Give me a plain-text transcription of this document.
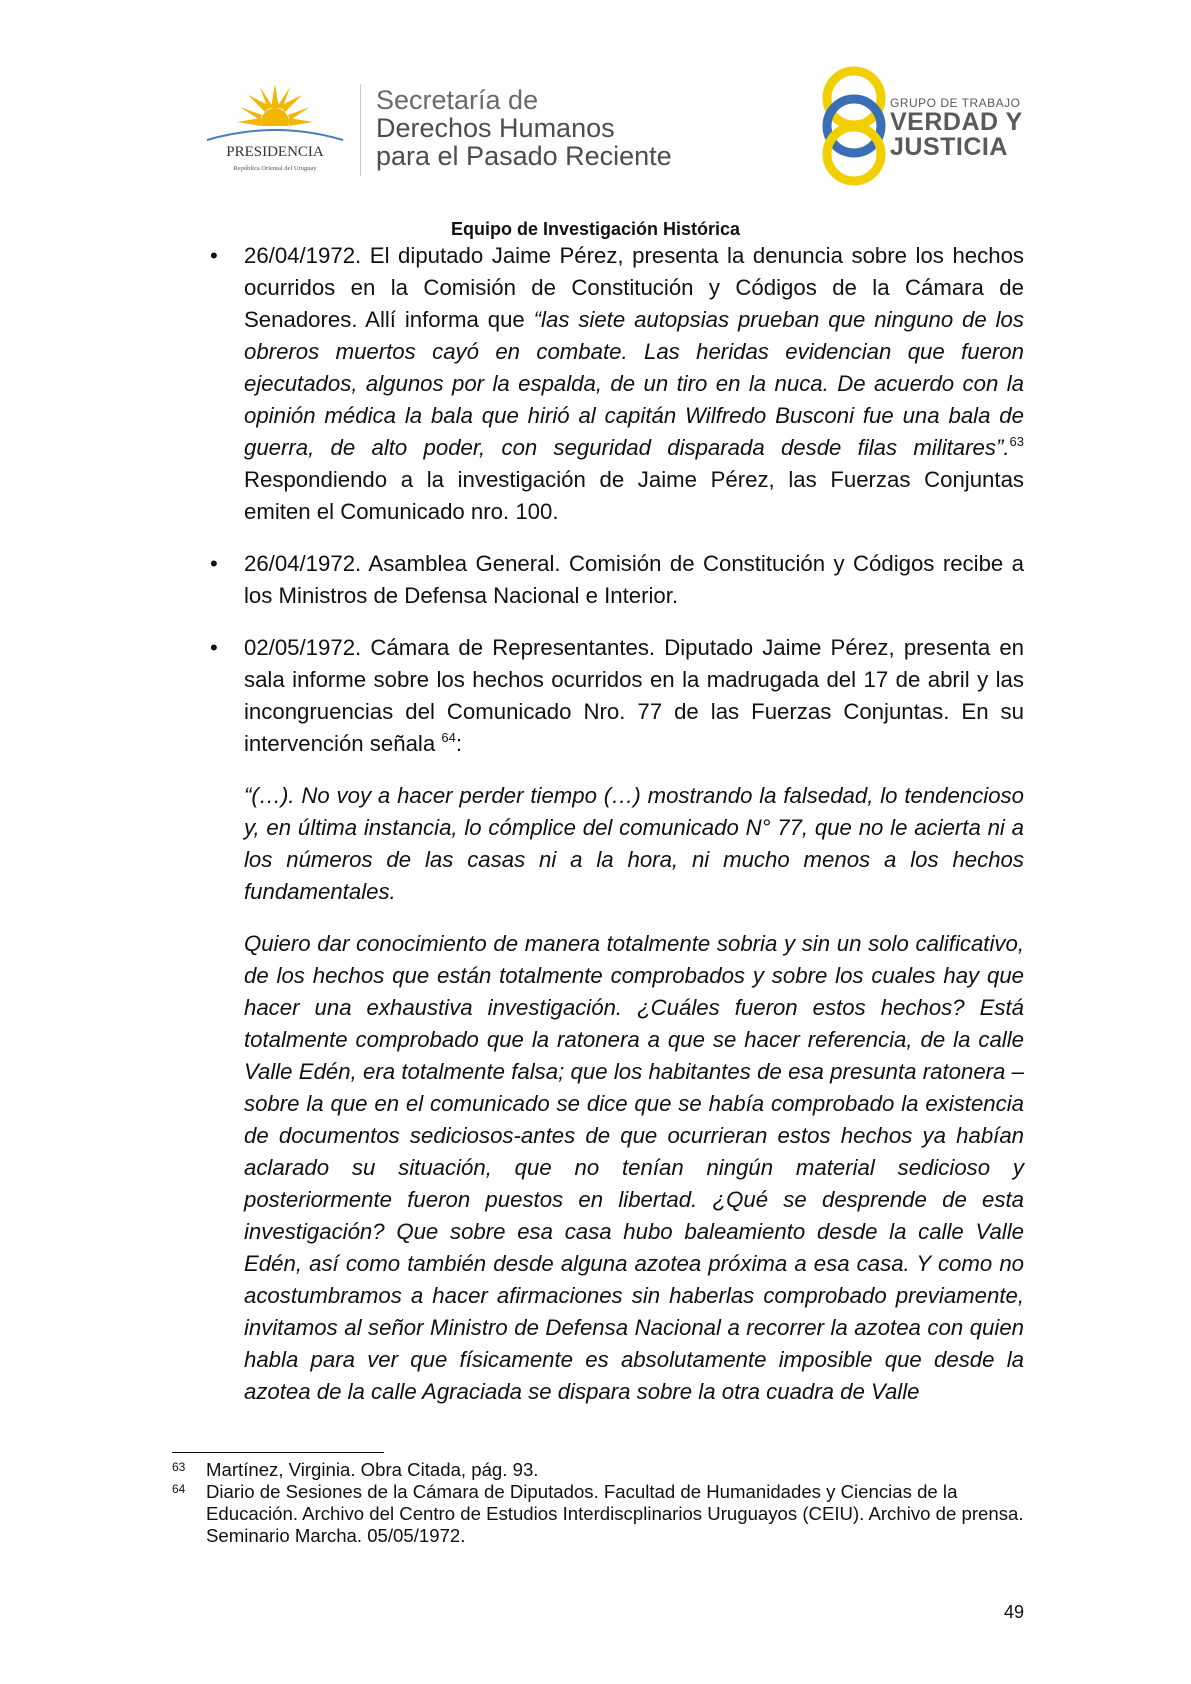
PRESIDENCIA
República Oriental del Uruguay
Secretaría de
Derechos Humanos
para el Pasado Reciente
GRUPO DE TRABAJO
VERDAD Y
JUSTICIA
Equipo de Investigación Histórica
• 26/04/1972. El diputado Jaime Pérez, presenta la denuncia sobre los hechos ocurridos en la Comisión de Constitución y Códigos de la Cámara de Senadores. Allí informa que “las siete autopsias prueban que ninguno de los obreros muertos cayó en combate. Las heridas evidencian que fueron ejecutados, algunos por la espalda, de un tiro en la nuca. De acuerdo con la opinión médica la bala que hirió al capitán Wilfredo Busconi fue una bala de guerra, de alto poder, con seguridad disparada desde filas militares”.$^{63}$ Respondiendo a la investigación de Jaime Pérez, las Fuerzas Conjuntas emiten el Comunicado nro. 100.
• 26/04/1972. Asamblea General. Comisión de Constitución y Códigos recibe a los Ministros de Defensa Nacional e Interior.
• 02/05/1972. Cámara de Representantes. Diputado Jaime Pérez, presenta en sala informe sobre los hechos ocurridos en la madrugada del 17 de abril y las incongruencias del Comunicado Nro. 77 de las Fuerzas Conjuntas. En su intervención señala $^{64}$:
“(…). No voy a hacer perder tiempo (…) mostrando la falsedad, lo tendencioso y, en última instancia, lo cómplice del comunicado N° 77, que no le acierta ni a los números de las casas ni a la hora, ni mucho menos a los hechos fundamentales.
Quiero dar conocimiento de manera totalmente sobria y sin un solo calificativo, de los hechos que están totalmente comprobados y sobre los cuales hay que hacer una exhaustiva investigación. ¿Cuáles fueron estos hechos? Está totalmente comprobado que la ratonera a que se hacer referencia, de la calle Valle Edén, era totalmente falsa; que los habitantes de esa presunta ratonera –sobre la que en el comunicado se dice que se había comprobado la existencia de documentos sediciosos-antes de que ocurrieran estos hechos ya habían aclarado su situación, que no tenían ningún material sedicioso y posteriormente fueron puestos en libertad. ¿Qué se desprende de esta investigación? Que sobre esa casa hubo baleamiento desde la calle Valle Edén, así como también desde alguna azotea próxima a esa casa. Y como no acostumbramos a hacer afirmaciones sin haberlas comprobado previamente, invitamos al señor Ministro de Defensa Nacional a recorrer la azotea con quien habla para ver que físicamente es absolutamente imposible que desde la azotea de la calle Agraciada se dispara sobre la otra cuadra de Valle
63 Martínez, Virginia. Obra Citada, pág. 93.
64 Diario de Sesiones de la Cámara de Diputados. Facultad de Humanidades y Ciencias de la Educación. Archivo del Centro de Estudios Interdiscplinarios Uruguayos (CEIU). Archivo de prensa. Seminario Marcha. 05/05/1972.
49
